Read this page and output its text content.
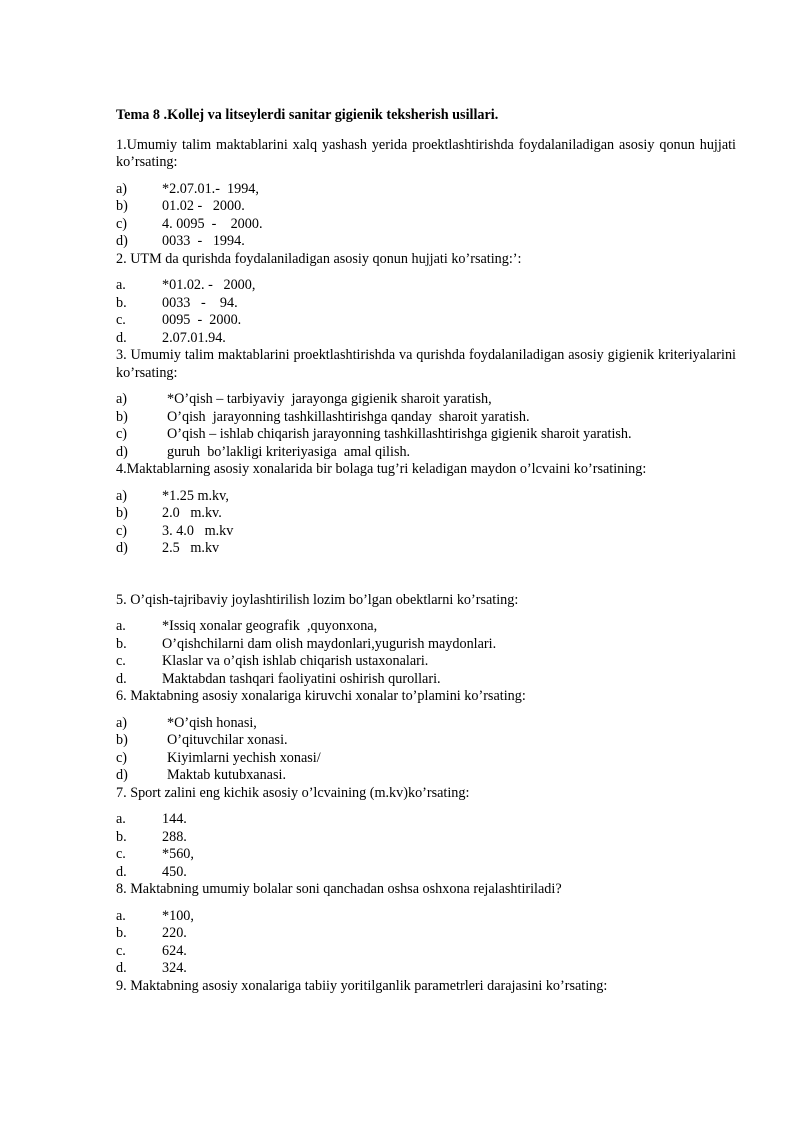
Tema 8 .Kollej va litseylerdi sanitar gigienik teksherish usillari.

1.Umumiy talim maktablarini xalq yashash yerida proektlashtirishda foydalaniladigan asosiy qonun hujjati ko’rsating:

a)	*2.07.01.-  1994,
b)	01.02 -   2000.
c)	4. 0095  -    2000.
d)	0033  -   1994.

2. UTM da qurishda foydalaniladigan asosiy qonun hujjati ko’rsating:’:

a.	*01.02. -   2000,
b.	0033   -    94.
c.	0095  -  2000.
d.	2.07.01.94.

3. Umumiy talim maktablarini proektlashtirishda va qurishda foydalaniladigan asosiy gigienik kriteriyalarini ko’rsating:

a)	*O’qish – tarbiyaviy  jarayonga gigienik sharoit yaratish,
b)	O’qish  jarayonning tashkillashtirishga qanday  sharoit yaratish.
c)	O’qish – ishlab chiqarish jarayonning tashkillashtirishga gigienik sharoit yaratish.
d)	guruh  bo’lakligi kriteriyasiga  amal qilish.

4.Maktablarning asosiy xonalarida bir bolaga tug’ri keladigan maydon o’lcvaini ko’rsatining:

a)	*1.25 m.kv,
b)	2.0   m.kv.
c)	3. 4.0   m.kv
d)	2.5   m.kv

5. O’qish-tajribaviy joylashtirilish lozim bo’lgan obektlarni ko’rsating:

a.	*Issiq xonalar geografik  ,quyonxona,
b.	O’qishchilarni dam olish maydonlari,yugurish maydonlari.
c.	Klaslar va o’qish ishlab chiqarish ustaxonalari.
d.	Maktabdan tashqari faoliyatini oshirish qurollari.

6. Maktabning asosiy xonalariga kiruvchi xonalar to’plamini ko’rsating:

a)	*O’qish honasi,
b)	O’qituvchilar xonasi.
c)	Kiyimlarni yechish xonasi/
d)	Maktab kutubxanasi.

7. Sport zalini eng kichik asosiy o’lcvaining (m.kv)ko’rsating:

a.	144.
b.	288.
c.	*560,
d.	450.

8. Maktabning umumiy bolalar soni qanchadan oshsa oshxona rejalashtiriladi?

a.	*100,
b.	220.
c.	624.
d.	324.

9. Maktabning asosiy xonalariga tabiiy yoritilganlik parametrleri darajasini ko’rsating:
